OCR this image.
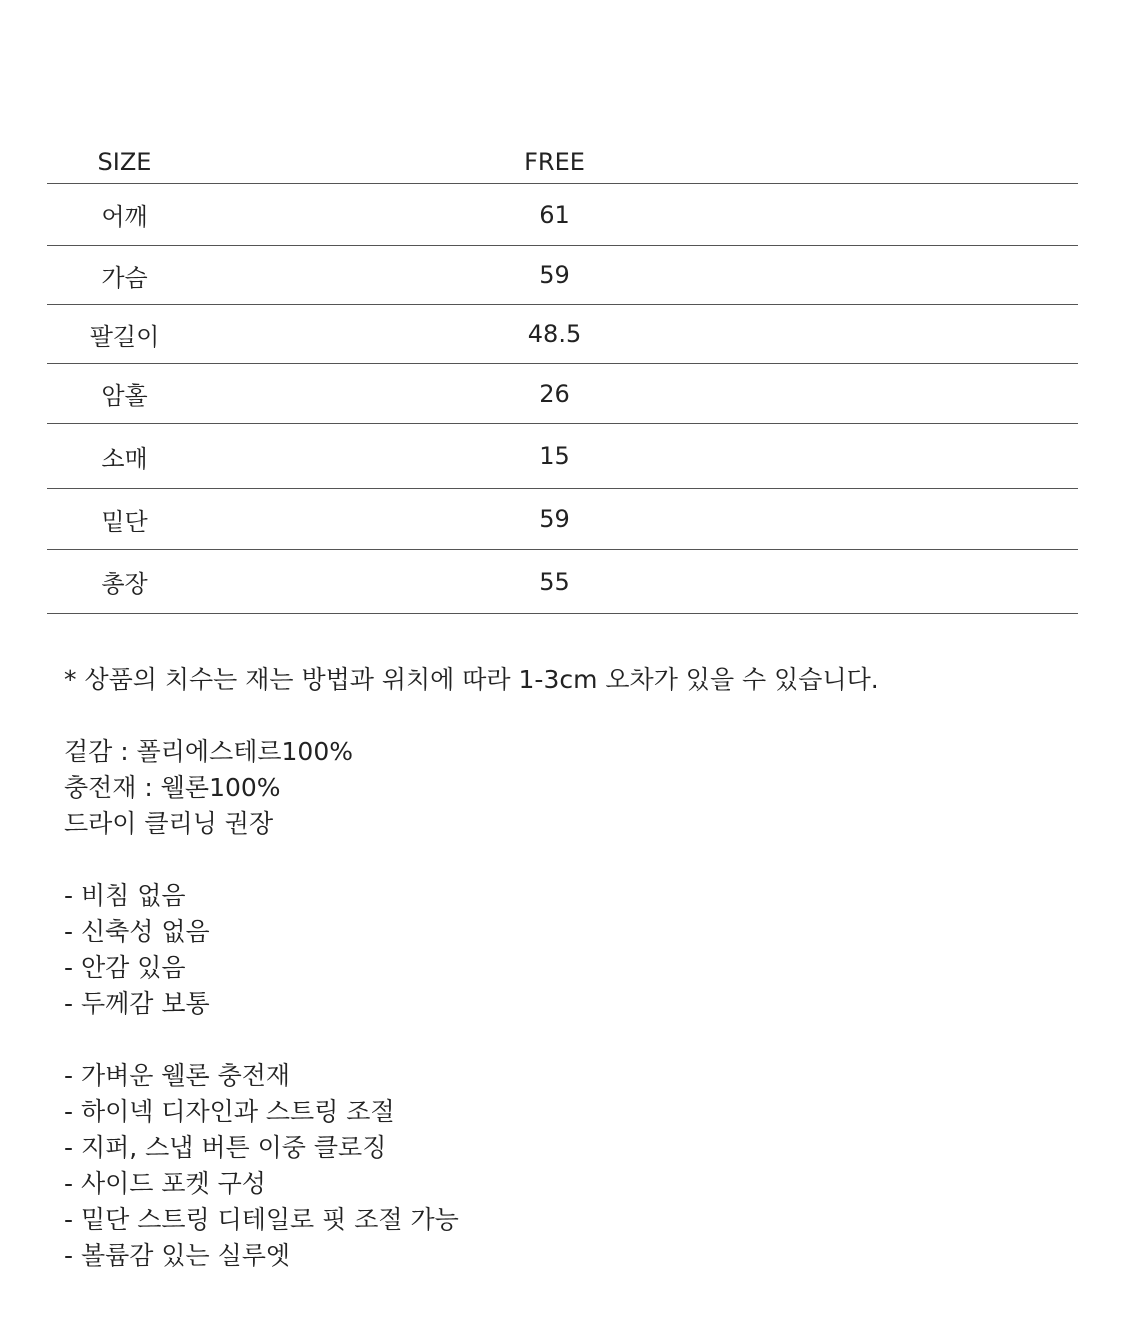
SIZE	FREE
어깨	61
가슴	59
팔길이	48.5
암홀	26
소매	15
밑단	59
총장	55
* 상품의 치수는 재는 방법과 위치에 따라 1-3cm 오차가 있을 수 있습니다.
겉감 : 폴리에스테르100%
충전재 : 웰론100%
드라이 클리닝 권장
- 비침 없음
- 신축성 없음
- 안감 있음
- 두께감 보통
- 가벼운 웰론 충전재
- 하이넥 디자인과 스트링 조절
- 지퍼, 스냅 버튼 이중 클로징
- 사이드 포켓 구성
- 밑단 스트링 디테일로 핏 조절 가능
- 볼륨감 있는 실루엣
